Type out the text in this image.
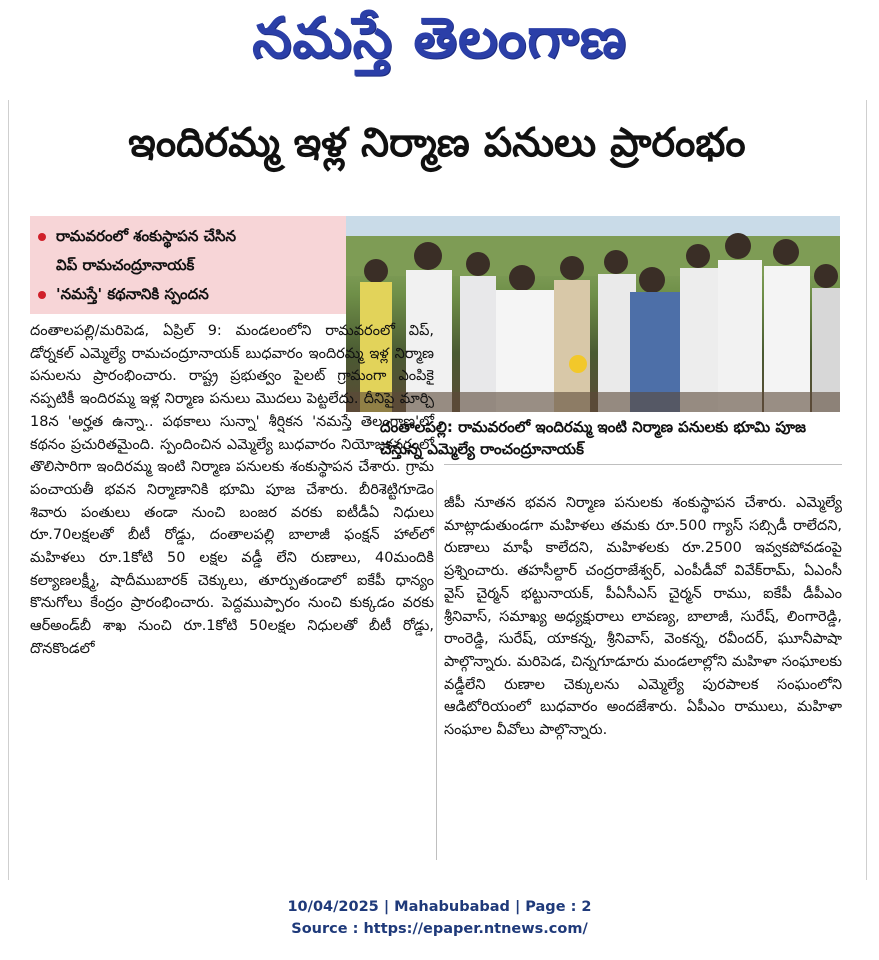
నమస్తే తెలంగాణ
ఇందిరమ్మ ఇళ్ల నిర్మాణ పనులు ప్రారంభం
రామవరంలో శంకుస్థాపన చేసిన
విప్ రామచంద్రూనాయక్
'నమస్తే' కథనానికి స్పందన
దంతాలపల్లి: రామవరంలో ఇందిరమ్మ ఇంటి నిర్మాణ పనులకు భూమి పూజ చేస్తున్న ఎమ్మెల్యే రాంచంద్రూనాయక్
దంతాలపల్లి/మరిపెడ, ఏప్రిల్ 9: మండలంలోని రామవరంలో విప్, డోర్నకల్ ఎమ్మెల్యే రామచంద్రూనాయక్ బుధవారం ఇందిరమ్మ ఇళ్ల నిర్మాణ పనులను ప్రారంభించారు. రాష్ట్ర ప్రభుత్వం పైలట్ గ్రామంగా ఎంపికై నప్పటికీ ఇందిరమ్మ ఇళ్ల నిర్మాణ పనులు మొదలు పెట్టలేదు. దీనిపై మార్చి 18న 'అర్హత ఉన్నా.. పథకాలు సున్నా' శీర్షికన 'నమస్తే తెలంగాణ'లో కథనం ప్రచురితమైంది. స్పందించిన ఎమ్మెల్యే బుధవారం నియోజకవర్గంలో తొలిసారిగా ఇందిరమ్మ ఇంటి నిర్మాణ పనులకు శంకుస్థాపన చేశారు. గ్రామ పంచాయతీ భవన నిర్మాణానికి భూమి పూజ చేశారు. బీరిశెట్టిగూడెం శివారు పంతులు తండా నుంచి బంజర వరకు ఐటీడీఏ నిధులు రూ.70లక్షలతో బీటీ రోడ్డు, దంతాలపల్లి బాలాజీ ఫంక్షన్ హాల్‌లో మహిళలు రూ.1కోటి 50 లక్షల వడ్డీ లేని రుణాలు, 40మందికి కల్యాణలక్ష్మీ, షాదీముబారక్ చెక్కులు, తూర్పుతండాలో ఐకేపీ ధాన్యం కొనుగోలు కేంద్రం ప్రారంభించారు. పెద్దముప్పారం నుంచి కుక్కడం వరకు ఆర్అండ్‌బీ శాఖ నుంచి రూ.1కోటి 50లక్షల నిధులతో బీటీ రోడ్డు, దొనకొండలో
జీపీ నూతన భవన నిర్మాణ పనులకు శంకుస్థాపన చేశారు. ఎమ్మెల్యే మాట్లాడుతుండగా మహిళలు తమకు రూ.500 గ్యాస్ సబ్సిడీ రాలేదని, రుణాలు మాఫీ కాలేదని, మహిళలకు రూ.2500 ఇవ్వకపోవడంపై ప్రశ్నించారు. తహసీల్దార్ చంద్రరాజేశ్వర్, ఎంపీడీవో వివేక్‌రామ్, ఏఎంసీ వైస్ చైర్మన్ భట్టునాయక్, పీఏసీఎస్ చైర్మన్ రాము, ఐకేపీ డీపీఎం శ్రీనివాస్, సమాఖ్య అధ్యక్షురాలు లావణ్య, బాలాజీ, సురేష్, లింగారెడ్డి, రాంరెడ్డి, సురేష్, యాకన్న, శ్రీనివాస్, వెంకన్న, రవీందర్, ఘూనీపాషా పాల్గొన్నారు. మరిపెడ, చిన్నగూడూరు మండలాల్లోని మహిళా సంఘాలకు వడ్డీలేని రుణాల చెక్కులను ఎమ్మెల్యే పురపాలక సంఘంలోని ఆడిటోరియంలో బుధవారం అందజేశారు. ఏపీఎం రాములు, మహిళా సంఘాల వీవోలు పాల్గొన్నారు.
10/04/2025 | Mahabubabad | Page : 2
Source : https://epaper.ntnews.com/
